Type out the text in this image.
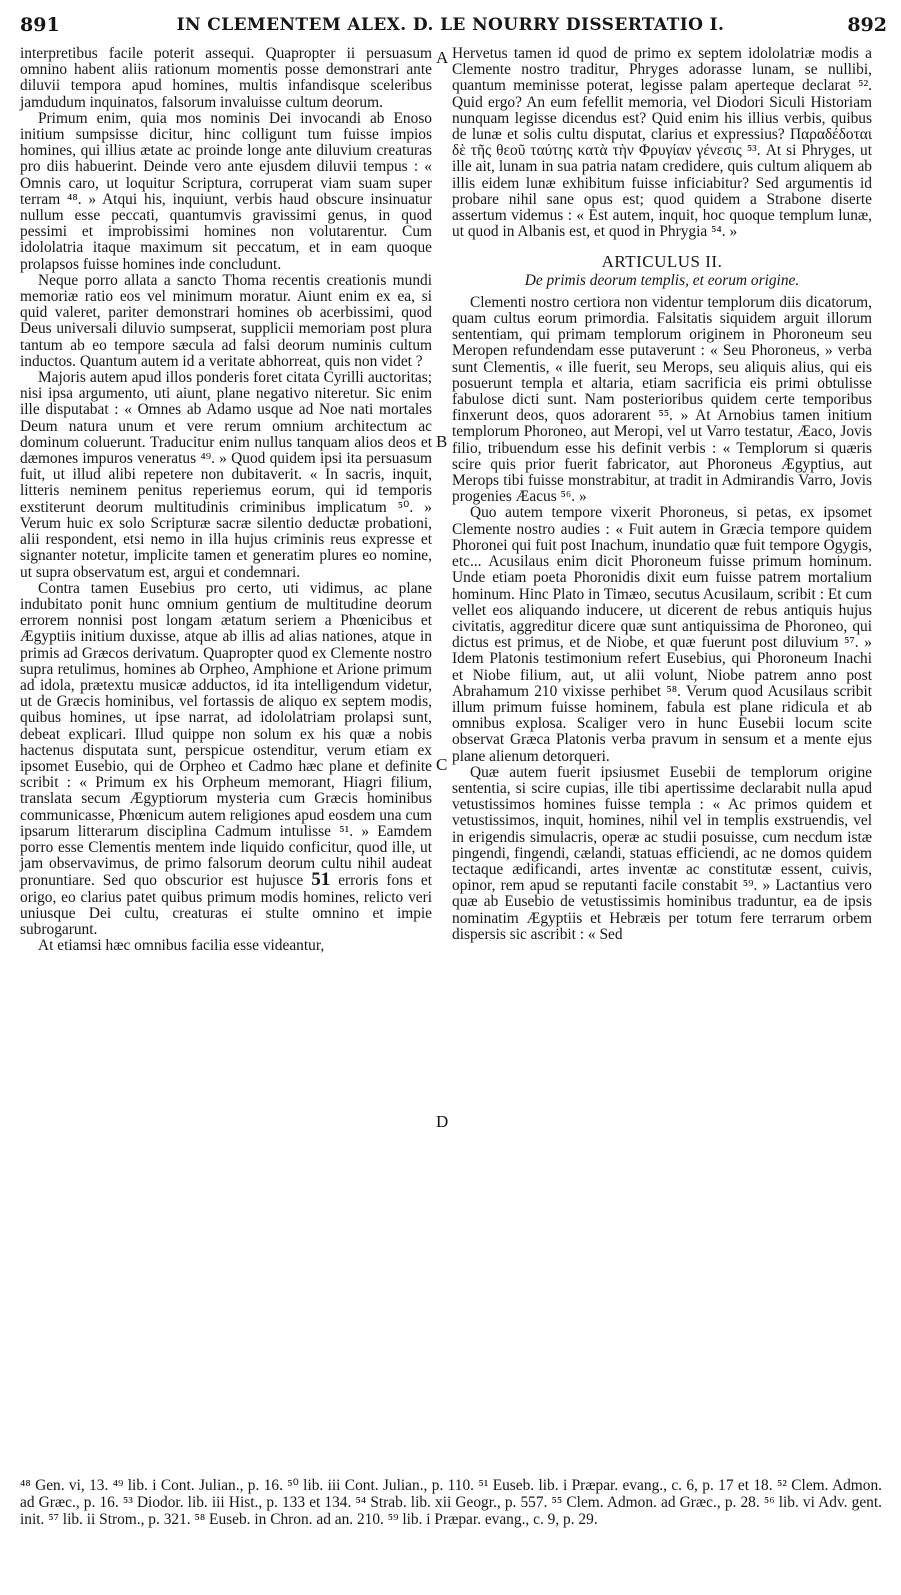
891	IN CLEMENTEM ALEX. D. LE NOURRY DISSERTATIO I.	892
A
B
C
D

interpretibus facile poterit assequi. Quapropter ii persuasum omnino habent aliis rationum momentis posse demonstrari ante diluvii tempora apud homines, multis infandisque sceleribus jamdudum inquinatos, falsorum invaluisse cultum deorum.

Primum enim, quia mos nominis Dei invocandi ab Enoso initium sumpsisse dicitur, hinc colligunt tum fuisse impios homines, qui illius ætate ac proinde longe ante diluvium creaturas pro diis habuerint. Deinde vero ante ejusdem diluvii tempus : « Omnis caro, ut loquitur Scriptura, corruperat viam suam super terram ⁴⁸. » Atqui his, inquiunt, verbis haud obscure insinuatur nullum esse peccati, quantumvis gravissimi genus, in quod pessimi et improbissimi homines non volutarentur. Cum idololatria itaque maximum sit peccatum, et in eam quoque prolapsos fuisse homines inde concludunt.

Neque porro allata a sancto Thoma recentis creationis mundi memoriæ ratio eos vel minimum moratur. Aiunt enim ex ea, si quid valeret, pariter demonstrari homines ob acerbissimi, quod Deus universali diluvio sumpserat, supplicii memoriam post plura tantum ab eo tempore sæcula ad falsi deorum numinis cultum inductos. Quantum autem id a veritate abhorreat, quis non videt ?

Majoris autem apud illos ponderis foret citata Cyrilli auctoritas; nisi ipsa argumento, uti aiunt, plane negativo niteretur. Sic enim ille disputabat : « Omnes ab Adamo usque ad Noe nati mortales Deum natura unum et vere rerum omnium architectum ac dominum coluerunt. Traducitur enim nullus tanquam alios deos et dæmones impuros veneratus ⁴⁹. » Quod quidem ipsi ita persuasum fuit, ut illud alibi repetere non dubitaverit. « In sacris, inquit, litteris neminem penitus reperiemus eorum, qui id temporis exstiterunt deorum multitudinis criminibus implicatum ⁵⁰. » Verum huic ex solo Scripturæ sacræ silentio deductæ probationi, alii respondent, etsi nemo in illa hujus criminis reus expresse et signanter notetur, implicite tamen et generatim plures eo nomine, ut supra observatum est, argui et condemnari.

Contra tamen Eusebius pro certo, uti vidimus, ac plane indubitato ponit hunc omnium gentium de multitudine deorum errorem nonnisi post longam ætatum seriem a Phœnicibus et Ægyptiis initium duxisse, atque ab illis ad alias nationes, atque in primis ad Græcos derivatum. Quapropter quod ex Clemente nostro supra retulimus, homines ab Orpheo, Amphione et Arione primum ad idola, prætextu musicæ adductos, id ita intelligendum videtur, ut de Græcis hominibus, vel fortassis de aliquo ex septem modis, quibus homines, ut ipse narrat, ad idololatriam prolapsi sunt, debeat explicari. Illud quippe non solum ex his quæ a nobis hactenus disputata sunt, perspicue ostenditur, verum etiam ex ipsomet Eusebio, qui de Orpheo et Cadmo hæc plane et definite scribit : « Primum ex his Orpheum memorant, Hiagri filium, translata secum Ægyptiorum mysteria cum Græcis hominibus communicasse, Phœnicum autem religiones apud eosdem una cum ipsarum litterarum disciplina Cadmum intulisse ⁵¹. » Eamdem porro esse Clementis mentem inde liquido conficitur, quod ille, ut jam observavimus, de primo falsorum deorum cultu nihil audeat pronuntiare. Sed quo obscurior est hujusce 51 erroris fons et origo, eo clarius patet quibus primum modis homines, relicto veri uniusque Dei cultu, creaturas ei stulte omnino et impie subrogarunt.

At etiamsi hæc omnibus facilia esse videantur,

Hervetus tamen id quod de primo ex septem idololatriæ modis a Clemente nostro traditur, Phryges adorasse lunam, se nullibi, quantum meminisse poterat, legisse palam aperteque declarat ⁵². Quid ergo? An eum fefellit memoria, vel Diodori Siculi Historiam nunquam legisse dicendus est? Quid enim his illius verbis, quibus de lunæ et solis cultu disputat, clarius et expressius? Παραδέδοται δὲ τῆς θεοῦ ταύτης κατὰ τὴν Φρυγίαν γένεσις ⁵³. At si Phryges, ut ille ait, lunam in sua patria natam credidere, quis cultum aliquem ab illis eidem lunæ exhibitum fuisse inficiabitur? Sed argumentis id probare nihil sane opus est; quod quidem a Strabone diserte assertum videmus : « Est autem, inquit, hoc quoque templum lunæ, ut quod in Albanis est, et quod in Phrygia ⁵⁴. »

ARTICULUS II.
De primis deorum templis, et eorum origine.

Clementi nostro certiora non videntur templorum diis dicatorum, quam cultus eorum primordia. Falsitatis siquidem arguit illorum sententiam, qui primam templorum originem in Phoroneum seu Meropen refundendam esse putaverunt : « Seu Phoroneus, » verba sunt Clementis, « ille fuerit, seu Merops, seu aliquis alius, qui eis posuerunt templa et altaria, etiam sacrificia eis primi obtulisse fabulose dicti sunt. Nam posterioribus quidem certe temporibus finxerunt deos, quos adorarent ⁵⁵. » At Arnobius tamen initium templorum Phoroneo, aut Meropi, vel ut Varro testatur, Æaco, Jovis filio, tribuendum esse his definit verbis : « Templorum si quæris scire quis prior fuerit fabricator, aut Phoroneus Ægyptius, aut Merops tibi fuisse monstrabitur, at tradit in Admirandis Varro, Jovis progenies Æacus ⁵⁶. »

Quo autem tempore vixerit Phoroneus, si petas, ex ipsomet Clemente nostro audies : « Fuit autem in Græcia tempore quidem Phoronei qui fuit post Inachum, inundatio quæ fuit tempore Ogygis, etc... Acusilaus enim dicit Phoroneum fuisse primum hominum. Unde etiam poeta Phoronidis dixit eum fuisse patrem mortalium hominum. Hinc Plato in Timæo, secutus Acusilaum, scribit : Et cum vellet eos aliquando inducere, ut dicerent de rebus antiquis hujus civitatis, aggreditur dicere quæ sunt antiquissima de Phoroneo, qui dictus est primus, et de Niobe, et quæ fuerunt post diluvium ⁵⁷. » Idem Platonis testimonium refert Eusebius, qui Phoroneum Inachi et Niobe filium, aut, ut alii volunt, Niobe patrem anno post Abrahamum 210 vixisse perhibet ⁵⁸. Verum quod Acusilaus scribit illum primum fuisse hominem, fabula est plane ridicula et ab omnibus explosa. Scaliger vero in hunc Eusebii locum scite observat Græca Platonis verba pravum in sensum et a mente ejus plane alienum detorqueri.

Quæ autem fuerit ipsiusmet Eusebii de templorum origine sententia, si scire cupias, ille tibi apertissime declarabit nulla apud vetustissimos homines fuisse templa : « Ac primos quidem et vetustissimos, inquit, homines, nihil vel in templis exstruendis, vel in erigendis simulacris, operæ ac studii posuisse, cum necdum istæ pingendi, fingendi, cælandi, statuas efficiendi, ac ne domos quidem tectaque ædificandi, artes inventæ ac constitutæ essent, cuivis, opinor, rem apud se reputanti facile constabit ⁵⁹. » Lactantius vero quæ ab Eusebio de vetustissimis hominibus traduntur, ea de ipsis nominatim Ægyptiis et Hebræis per totum fere terrarum orbem dispersis sic ascribit : « Sed

⁴⁸ Gen. vi, 13. ⁴⁹ lib. i Cont. Julian., p. 16. ⁵⁰ lib. iii Cont. Julian., p. 110. ⁵¹ Euseb. lib. i Præpar. evang., c. 6, p. 17 et 18. ⁵² Clem. Admon. ad Græc., p. 16. ⁵³ Diodor. lib. iii Hist., p. 133 et 134. ⁵⁴ Strab. lib. xii Geogr., p. 557. ⁵⁵ Clem. Admon. ad Græc., p. 28. ⁵⁶ lib. vi Adv. gent. init. ⁵⁷ lib. ii Strom., p. 321. ⁵⁸ Euseb. in Chron. ad an. 210. ⁵⁹ lib. i Præpar. evang., c. 9, p. 29.
